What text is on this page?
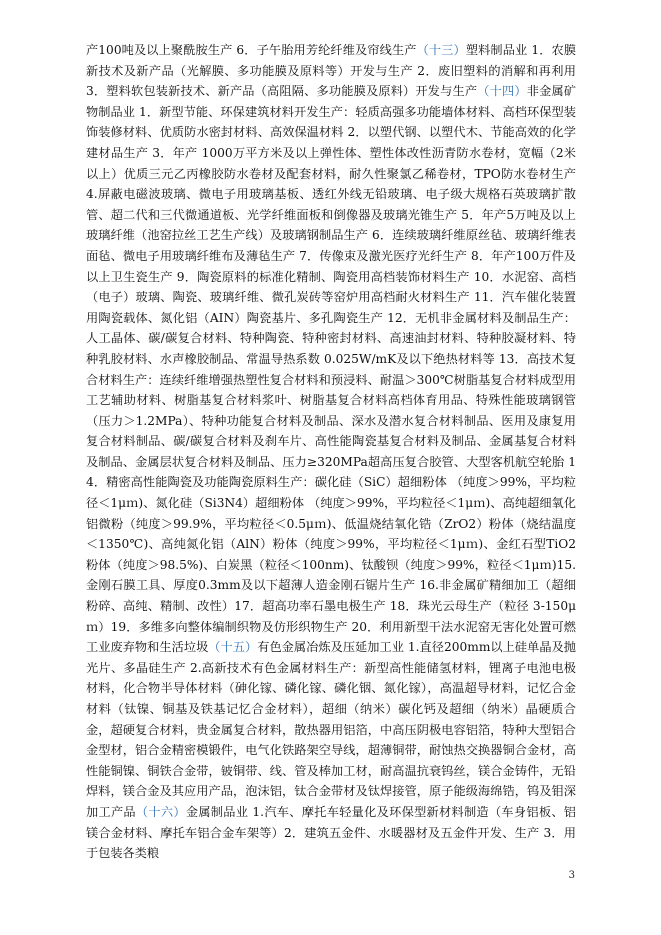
产100吨及以上聚酰胺生产 6．子午胎用芳纶纤维及帘线生产（十三）塑料制品业 1．农膜新技术及新产品（光解膜、多功能膜及原料等）开发与生产 2．废旧塑料的消解和再利用 3．塑料软包装新技术、新产品（高阻隔、多功能膜及原料）开发与生产（十四）非金属矿物制品业 1．新型节能、环保建筑材料开发生产：轻质高强多功能墙体材料、高档环保型装饰装修材料、优质防水密封材料、高效保温材料 2．以塑代钢、以塑代木、节能高效的化学建材品生产 3．年产 1000万平方米及以上弹性体、塑性体改性沥青防水卷材，宽幅（2米以上）优质三元乙丙橡胶防水卷材及配套材料，耐久性聚氯乙稀卷材，TPO防水卷材生产 4.屏蔽电磁波玻璃、微电子用玻璃基板、透红外线无铅玻璃、电子级大规格石英玻璃扩散管、超二代和三代微通道板、光学纤维面板和倒像器及玻璃光锥生产 5．年产5万吨及以上玻璃纤维（池窑拉丝工艺生产线）及玻璃钢制品生产 6．连续玻璃纤维原丝毡、玻璃纤维表面毡、微电子用玻璃纤维布及薄毡生产 7．传像束及激光医疗光纤生产 8．年产100万件及以上卫生瓷生产 9．陶瓷原料的标准化精制、陶瓷用高档装饰材料生产 10．水泥窑、高档（电子）玻璃、陶瓷、玻璃纤维、微孔炭砖等窑炉用高档耐火材料生产 11．汽车催化装置用陶瓷载体、氮化铝（AIN）陶瓷基片、多孔陶瓷生产 12．无机非金属材料及制品生产：人工晶体、碳/碳复合材料、特种陶瓷、特种密封材料、高速油封材料、特种胶凝材料、特种乳胶材料、水声橡胶制品、常温导热系数 0.025W/mK及以下绝热材料等 13．高技术复合材料生产：连续纤维增强热塑性复合材料和预浸料、耐温＞300℃树脂基复合材料成型用工艺辅助材料、树脂基复合材料浆叶、树脂基复合材料高档体育用品、特殊性能玻璃钢管（压力＞1.2MPa）、特种功能复合材料及制品、深水及潜水复合材料制品、医用及康复用复合材料制品、碳/碳复合材料及刹车片、高性能陶瓷基复合材料及制品、金属基复合材料及制品、金属层状复合材料及制品、压力≥320MPa超高压复合胶管、大型客机航空轮胎 14．精密高性能陶瓷及功能陶瓷原料生产：碳化硅（SiC）超细粉体 （纯度＞99%，平均粒径＜1μｍ)、氮化硅（Si3N4）超细粉体 （纯度＞99%，平均粒径＜1μｍ)、高纯超细氧化铝微粉（纯度＞99.9%，平均粒径＜0.5μｍ)、低温烧结氧化锆（ZrO2）粉体（烧结温度＜1350℃)、高纯氮化铝（AlN）粉体（纯度＞99%，平均粒径＜1μｍ)、金红石型TiO2粉体（纯度＞98.5%)、白炭黑（粒径＜100nm)、钛酸钡（纯度＞99%，粒径＜1μｍ)15.金刚石膜工具、厚度0.3mm及以下超薄人造金刚石锯片生产 16.非金属矿精细加工（超细粉碎、高纯、精制、改性）17．超高功率石墨电极生产 18．珠光云母生产（粒径 3-150μｍ）19．多维多向整体编制织物及仿形织物生产 20．利用新型干法水泥窑无害化处置可燃工业废弃物和生活垃圾（十五）有色金属冶炼及压延加工业 1.直径200mm以上硅单晶及抛光片、多晶硅生产 2.高新技术有色金属材料生产：新型高性能储氢材料，锂离子电池电极材料，化合物半导体材料（砷化镓、磷化镓、磷化铟、氮化镓），高温超导材料，记忆合金材料（钛镍、铜基及铁基记忆合金材料），超细（纳米）碳化钙及超细（纳米）晶硬质合金，超硬复合材料，贵金属复合材料，散热器用铝箔，中高压阴极电容铝箔，特种大型铝合金型材，铝合金精密模锻件，电气化铁路架空导线，超薄铜带，耐蚀热交换器铜合金材，高性能铜镍、铜铁合金带，铍铜带、线、管及棒加工材，耐高温抗衰钨丝，镁合金铸件，无铅焊料，镁合金及其应用产品，泡沫铝，钛合金带材及钛焊接管，原子能级海绵锆，钨及钼深加工产品（十六）金属制品业 1.汽车、摩托车轻量化及环保型新材料制造（车身铝板、铝镁合金材料、摩托车铝合金车架等）2．建筑五金件、水暖器材及五金件开发、生产 3．用于包装各类粮
3
